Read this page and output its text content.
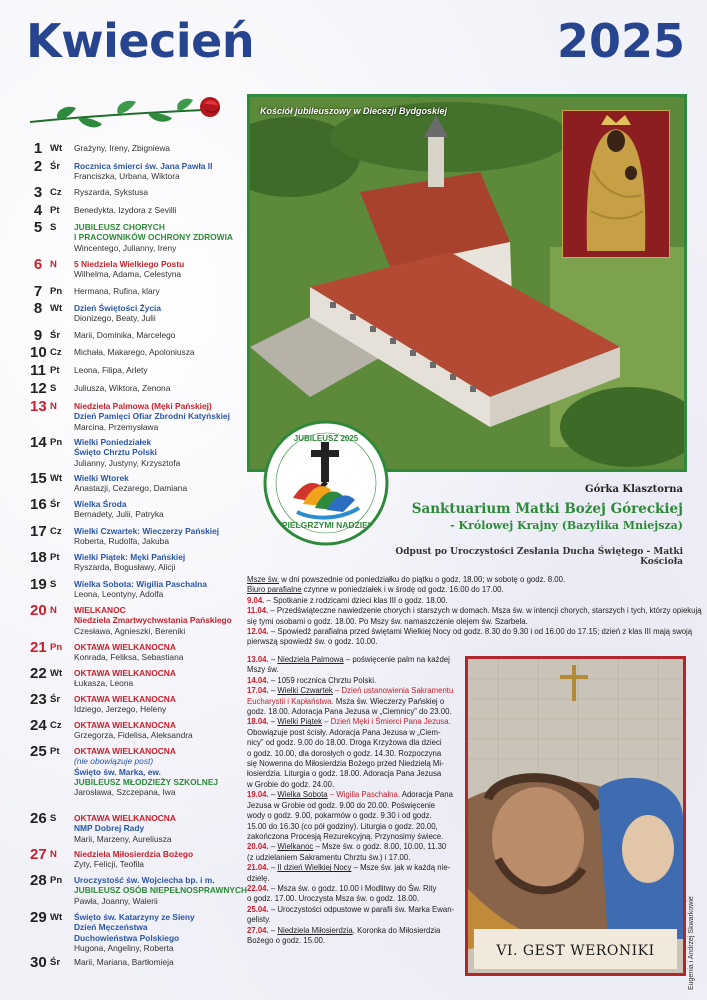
Kwiecień	2025
1 Wt	Grażyny, Ireny, Zbigniewa
2 Śr	Rocznica śmierci św. Jana Pawła II
Franciszka, Urbana, Wiktora
3 Cz	Ryszarda, Sykstusa
4 Pt	Benedykta, Izydora z Sevilli
5 S	JUBILEUSZ CHORYCH
I PRACOWNIKÓW OCHRONY ZDROWIA
Wincentego, Julianny, Ireny
6 N	5 Niedziela Wielkiego Postu
Wilhelma, Adama, Celestyna
7 Pn	Hermana, Rufina, klary
8 Wt	Dzień Świętości Życia
Dionizego, Beaty, Julii
9 Śr	Marii, Dominika, Marcelego
10 Cz	Michała, Makarego, Apoloniusza
11 Pt	Leona, Filipa, Arlety
12 S	Juliusza, Wiktora, Zenona
13 N	Niedziela Palmowa (Męki Pańskiej)
Dzień Pamięci Ofiar Zbrodni Katyńskiej
Marcina, Przemysława
14 Pn	Wielki Poniedziałek
Święto Chrztu Polski
Julianny, Justyny, Krzysztofa
15 Wt	Wielki Wtorek
Anastazji, Cezarego, Damiana
16 Śr	Wielka Środa
Bernadety, Julii, Patryka
17 Cz	Wielki Czwartek: Wieczerzy Pańskiej
Roberta, Rudolfa, Jakuba
18 Pt	Wielki Piątek: Męki Pańskiej
Ryszarda, Bogusławy, Alicji
19 S	Wielka Sobota: Wigilia Paschalna
Leona, Leontyny, Adolfa
20 N	WIELKANOC
Niedziela Zmartwychwstania Pańskiego
Czesława, Agnieszki, Bereniki
21 Pn	OKTAWA WIELKANOCNA
Konrada, Feliksa, Sebastiana
22 Wt	OKTAWA WIELKANOCNA
Łukasza, Leona
23 Śr	OKTAWA WIELKANOCNA
Idziego, Jerzego, Heleny
24 Cz	OKTAWA WIELKANOCNA
Grzegorza, Fidelisa, Aleksandra
25 Pt	OKTAWA WIELKANOCNA
(nie obowiązuje post)
Święto św. Marka, ew.
JUBILEUSZ MŁODZIEŻY SZKOLNEJ
Jarosława, Szczepana, Iwa
26 S	OKTAWA WIELKANOCNA
NMP Dobrej Rady
Marii, Marzeny, Aureliusza
27 N	Niedziela Miłosierdzia Bożego
Zyty, Felicji, Teofila
28 Pn	Uroczystość św. Wojciecha bp. i m.
JUBILEUSZ OSÓB NIEPEŁNOSPRAWNYCH
Pawła, Joanny, Walerii
29 Wt	Święto św. Katarzyny ze Sieny
Dzień Męczeństwa
Duchowieństwa Polskiego
Hugona, Angeliny, Roberta
30 Śr	Marii, Mariana, Bartłomieja
Kościół jubileuszowy w Diecezji Bydgoskiej
JUBILEUSZ 2025
PIELGRZYMI NADZIEI
Górka Klasztorna
Sanktuarium Matki Bożej Góreckiej
- Królowej Krajny (Bazylika Mniejsza)
Odpust po Uroczystości Zesłania Ducha Świętego - Matki Kościoła
Msze św. w dni powszednie od poniedziałku do piątku o godz. 18.00; w sobotę o godz. 8.00.
Biuro parafialne czynne w poniedziałek i w środę od godz. 16.00 do 17.00.
9.04. – Spotkanie z rodzicami dzieci klas III o godz. 18.00.
11.04. – Przedświąteczne nawiedzenie chorych i starszych w domach. Msza św. w intencji chorych, starszych i tych, którzy opiekują
się tymi osobami o godz. 18.00. Po Mszy św. namaszczenie olejem św. Szarbela.
12.04. – Spowiedź parafialna przed świętami Wielkiej Nocy od godz. 8.30 do 9.30 i od 16.00 do 17.15; dzień z klas III mają swoją
pierwszą spowiedź św. o godz. 10.00.
13.04. – Niedziela Palmowa – poświęcenie palm na każdej
Mszy św.
14.04. – 1059 rocznica Chrztu Polski.
17.04. – Wielki Czwartek – Dzień ustanowienia Sakramentu
Eucharystii i Kapłaństwa. Msza św. Wieczerzy Pańskiej o
godz. 18.00. Adoracja Pana Jezusa w „Ciemnicy” do 23.00.
18.04. – Wielki Piątek – Dzień Męki i Śmierci Pana Jezusa.
Obowiązuje post ścisły. Adoracja Pana Jezusa w „Ciem-
nicy” od godz. 9.00 do 18.00. Droga Krzyżowa dla dzieci
o godz. 10.00, dla dorosłych o godz. 14.30. Rozpoczyna
się Nowenna do Miłosierdzia Bożego przed Niedzielą Mi-
łosierdzia. Liturgia o godz. 18.00. Adoracja Pana Jezusa
w Grobie do godz. 24.00.
19.04. – Wielka Sobota – Wigilia Paschalna. Adoracja Pana
Jezusa w Grobie od godz. 9.00 do 20.00. Poświęcenie
wody o godz. 9.00, pokarmów o godz. 9.30 i od godz.
15.00 do 16.30 (co pół godziny). Liturgia o godz. 20.00,
zakończona Procesją Rezurekcyjną. Przynosimy świece.
20.04. – Wielkanoc – Msze św. o godz. 8.00, 10.00, 11.30
(z udzielaniem Sakramentu Chrztu św.) i 17.00.
21.04. – II dzień Wielkiej Nocy – Msze św. jak w każdą nie-
dzielę.
22.04. – Msza św. o godz. 10.00 i Modlitwy do Św. Rity
o godz. 17.00. Uroczysta Msza św. o godz. 18.00.
25.04. – Uroczystości odpustowe w parafii św. Marka Ewan-
gelisty.
27.04. – Niedziela Miłosierdzia, Koronka do Miłosierdzia
Bożego o godz. 15.00.
VI. GEST WERONIKI	Eugenia i Andrzej Skwarkowie
